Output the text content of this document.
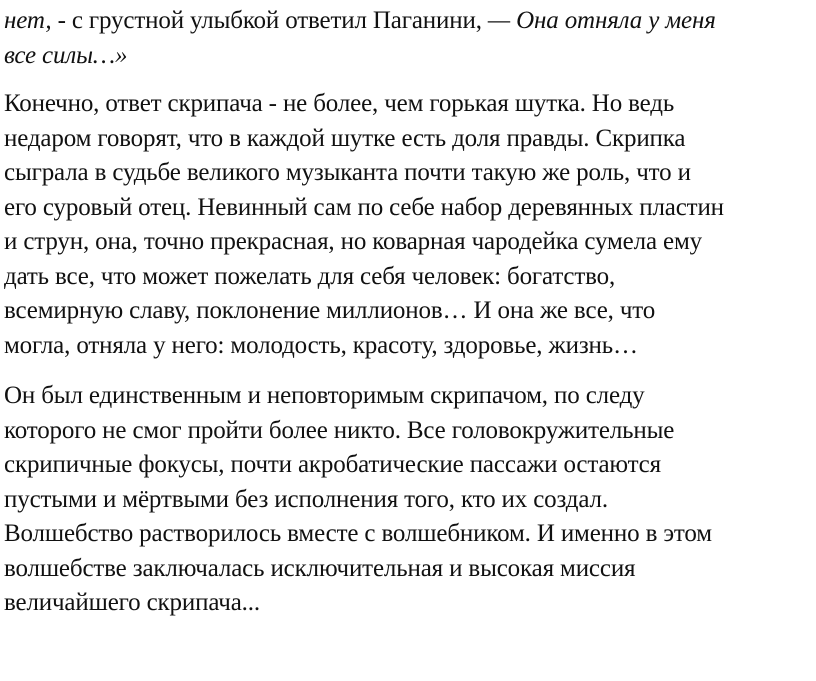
нет, - с грустной улыбкой ответил Паганини, — Она отняла у меня
все силы…»

Конечно, ответ скрипача - не более, чем горькая шутка. Но ведь
недаром говорят, что в каждой шутке есть доля правды. Скрипка
сыграла в судьбе великого музыканта почти такую же роль, что и
его суровый отец. Невинный сам по себе набор деревянных пластин
и струн, она, точно прекрасная, но коварная чародейка сумела ему
дать все, что может пожелать для себя человек: богатство,
всемирную славу, поклонение миллионов… И она же все, что
могла, отняла у него: молодость, красоту, здоровье, жизнь…

Он был единственным и неповторимым скрипачом, по следу
которого не смог пройти более никто. Все головокружительные
скрипичные фокусы, почти акробатические пассажи остаются
пустыми и мёртвыми без исполнения того, кто их создал.
Волшебство растворилось вместе с волшебником. И именно в этом
волшебстве заключалась исключительная и высокая миссия
величайшего скрипача...
